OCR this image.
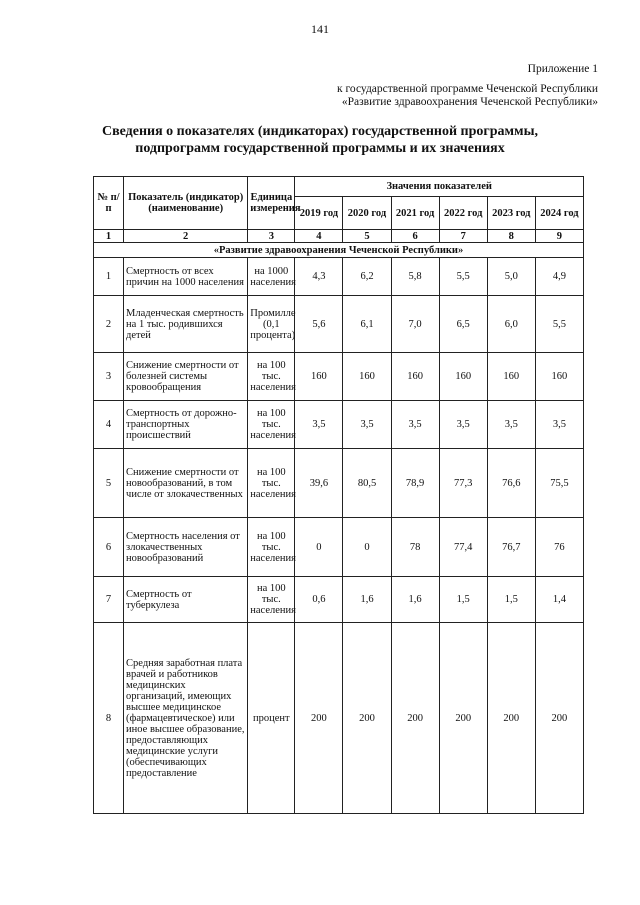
141
Приложение 1
к государственной программе Чеченской Республики
«Развитие здравоохранения Чеченской Республики»
Сведения о показателях (индикаторах) государственной программы,
подпрограмм государственной программы и их значениях
№ п/п	Показатель (индикатор) (наименование)	Единица измерения	Значения показателей					
			2019 год	2020 год	2021 год	2022 год	2023 год	2024 год
1	2	3	4	5	6	7	8	9
«Развитие здравоохранения Чеченской Республики»								
1	Смертность от всех причин на 1000 населения	на 1000 населения	4,3	6,2	5,8	5,5	5,0	4,9
2	Младенческая смертность на 1 тыс. родившихся детей	Промилле (0,1 процента)	5,6	6,1	7,0	6,5	6,0	5,5
3	Снижение смертности от болезней системы кровообращения	на 100 тыс. населения	160	160	160	160	160	160
4	Смертность от дорожно-транспортных происшествий	на 100 тыс. населения	3,5	3,5	3,5	3,5	3,5	3,5
5	Снижение смертности от новообразований, в том числе от злокачественных	на 100 тыс. населения	39,6	80,5	78,9	77,3	76,6	75,5
6	Смертность населения от злокачественных новообразований	на 100 тыс. населения	0	0	78	77,4	76,7	76
7	Смертность от туберкулеза	на 100 тыс. населения	0,6	1,6	1,6	1,5	1,5	1,4
8	Средняя заработная плата врачей и работников медицинских организаций, имеющих высшее медицинское (фармацевтическое) или иное высшее образование, предоставляющих медицинские услуги (обеспечивающих предоставление	процент	200	200	200	200	200	200
